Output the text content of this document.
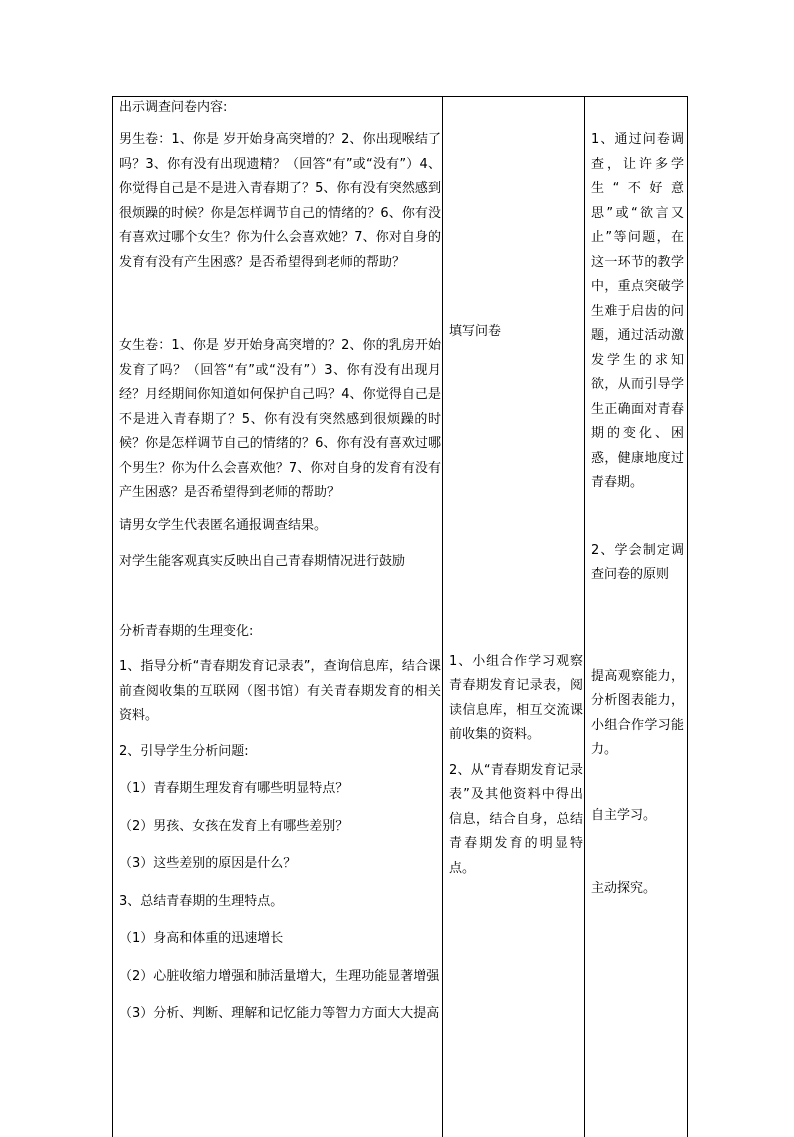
出示调查问卷内容:

男生卷：1、你是 岁开始身高突增的？2、你出现喉结了吗？3、你有没有出现遗精？（回答“有”或“没有”）4、你觉得自己是不是进入青春期了？5、你有没有突然感到很烦躁的时候？你是怎样调节自己的情绪的？6、你有没有喜欢过哪个女生？你为什么会喜欢她？7、你对自身的发育有没有产生困惑？是否希望得到老师的帮助？

女生卷：1、你是 岁开始身高突增的？2、你的乳房开始发育了吗？（回答“有”或“没有”）3、你有没有出现月经？月经期间你知道如何保护自己吗？4、你觉得自己是不是进入青春期了？5、你有没有突然感到很烦躁的时候？你是怎样调节自己的情绪的？6、你有没有喜欢过哪个男生？你为什么会喜欢他？7、你对自身的发育有没有产生困惑？是否希望得到老师的帮助？

请男女学生代表匿名通报调查结果。

对学生能客观真实反映出自己青春期情况进行鼓励

分析青春期的生理变化:

1、指导分析“青春期发育记录表”，查询信息库，结合课前查阅收集的互联网（图书馆）有关青春期发育的相关资料。

2、引导学生分析问题:

（1）青春期生理发育有哪些明显特点？

（2）男孩、女孩在发育上有哪些差别？

（3）这些差别的原因是什么？

3、总结青春期的生理特点。

（1）身高和体重的迅速增长

（2）心脏收缩力增强和肺活量增大，生理功能显著增强

（3）分析、判断、理解和记忆能力等智力方面大大提高

填写问卷

1、小组合作学习观察青春期发育记录表，阅读信息库，相互交流课前收集的资料。

2、从“青春期发育记录表”及其他资料中得出信息，结合自身，总结青春期发育的明显特点。

1、通过问卷调查，让许多学生“不好意思”或“欲言又止”等问题，在这一环节的教学中，重点突破学生难于启齿的问题，通过活动激发学生的求知欲，从而引导学生正确面对青春期的变化、困惑，健康地度过青春期。

2、学会制定调查问卷的原则

提高观察能力，分析图表能力，小组合作学习能力。

自主学习。

主动探究。
